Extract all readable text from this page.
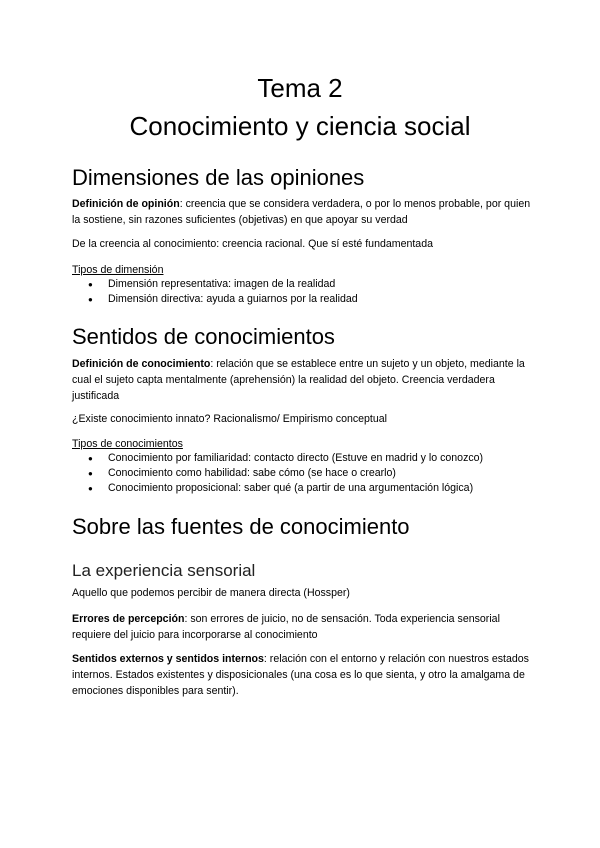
Tema 2
Conocimiento y ciencia social
Dimensiones de las opiniones

Definición de opinión: creencia que se considera verdadera, o por lo menos probable, por quien la sostiene, sin razones suficientes (objetivas) en que apoyar su verdad

De la creencia al conocimiento: creencia racional. Que sí esté fundamentada

Tipos de dimensión

● Dimensión representativa: imagen de la realidad
● Dimensión directiva: ayuda a guiarnos por la realidad
Sentidos de conocimientos

Definición de conocimiento: relación que se establece entre un sujeto y un objeto, mediante la cual el sujeto capta mentalmente (aprehensión) la realidad del objeto. Creencia verdadera justificada

¿Existe conocimiento innato? Racionalismo/ Empirismo conceptual

Tipos de conocimientos

● Conocimiento por familiaridad: contacto directo (Estuve en madrid y lo conozco)
● Conocimiento como habilidad: sabe cómo (se hace o crearlo)
● Conocimiento proposicional: saber qué (a partir de una argumentación lógica)
Sobre las fuentes de conocimiento
La experiencia sensorial

Aquello que podemos percibir de manera directa (Hossper)

Errores de percepción: son errores de juicio, no de sensación. Toda experiencia sensorial requiere del juicio para incorporarse al conocimiento

Sentidos externos y sentidos internos: relación con el entorno y relación con nuestros estados internos. Estados existentes y disposicionales (una cosa es lo que sienta, y otro la amalgama de emociones disponibles para sentir).
